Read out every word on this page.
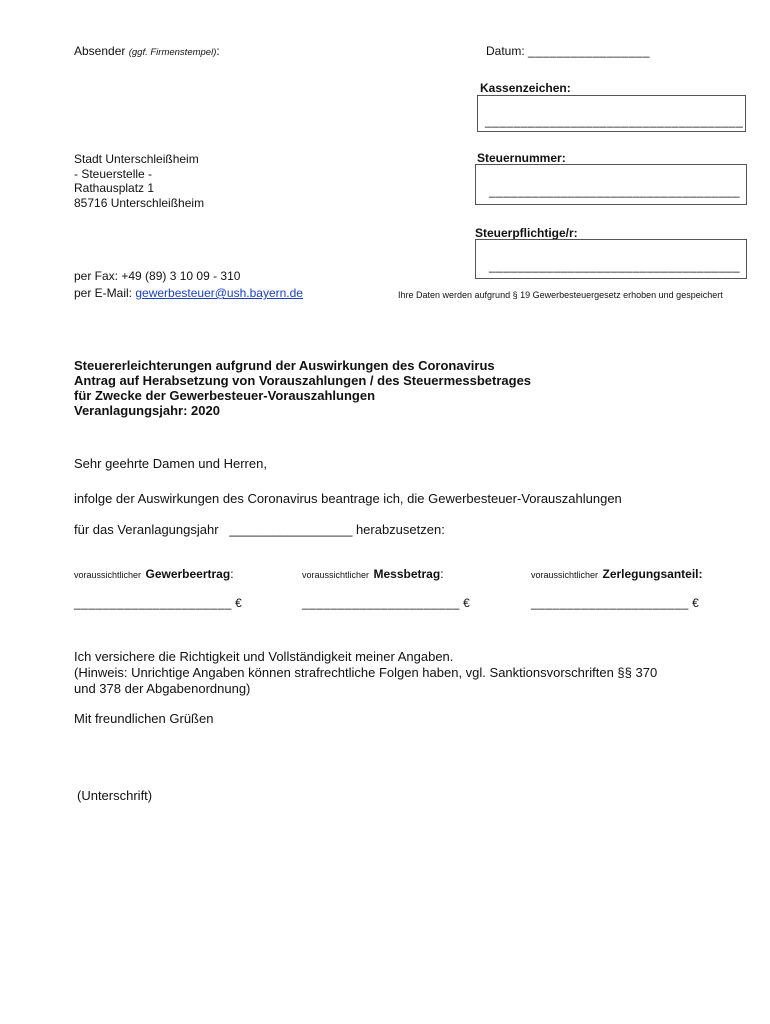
Absender (ggf. Firmenstempel):	Datum: _________________
Kassenzeichen:
____________________________________
Stadt Unterschleißheim
- Steuerstelle -
Rathausplatz 1
85716 Unterschleißheim
Steuernummer:
___________________________________
Steuerpflichtige/r:
___________________________________
per Fax: +49 (89) 3 10 09 - 310
per E-Mail: gewerbesteuer@ush.bayern.de	Ihre Daten werden aufgrund § 19 Gewerbesteuergesetz erhoben und gespeichert
Steuererleichterungen aufgrund der Auswirkungen des Coronavirus
Antrag auf Herabsetzung von Vorauszahlungen / des Steuermessbetrages
für Zwecke der Gewerbesteuer-Vorauszahlungen
Veranlagungsjahr: 2020
Sehr geehrte Damen und Herren,
infolge der Auswirkungen des Coronavirus beantrage ich, die Gewerbesteuer-Vorauszahlungen
für das Veranlagungsjahr _________________ herabzusetzen:
voraussichtlicher Gewerbeertrag:	voraussichtlicher Messbetrag:	voraussichtlicher Zerlegungsanteil:
______________________ €	______________________ €	______________________ €
Ich versichere die Richtigkeit und Vollständigkeit meiner Angaben.
(Hinweis: Unrichtige Angaben können strafrechtliche Folgen haben, vgl. Sanktionsvorschriften §§ 370
und 378 der Abgabenordnung)
Mit freundlichen Grüßen
(Unterschrift)
